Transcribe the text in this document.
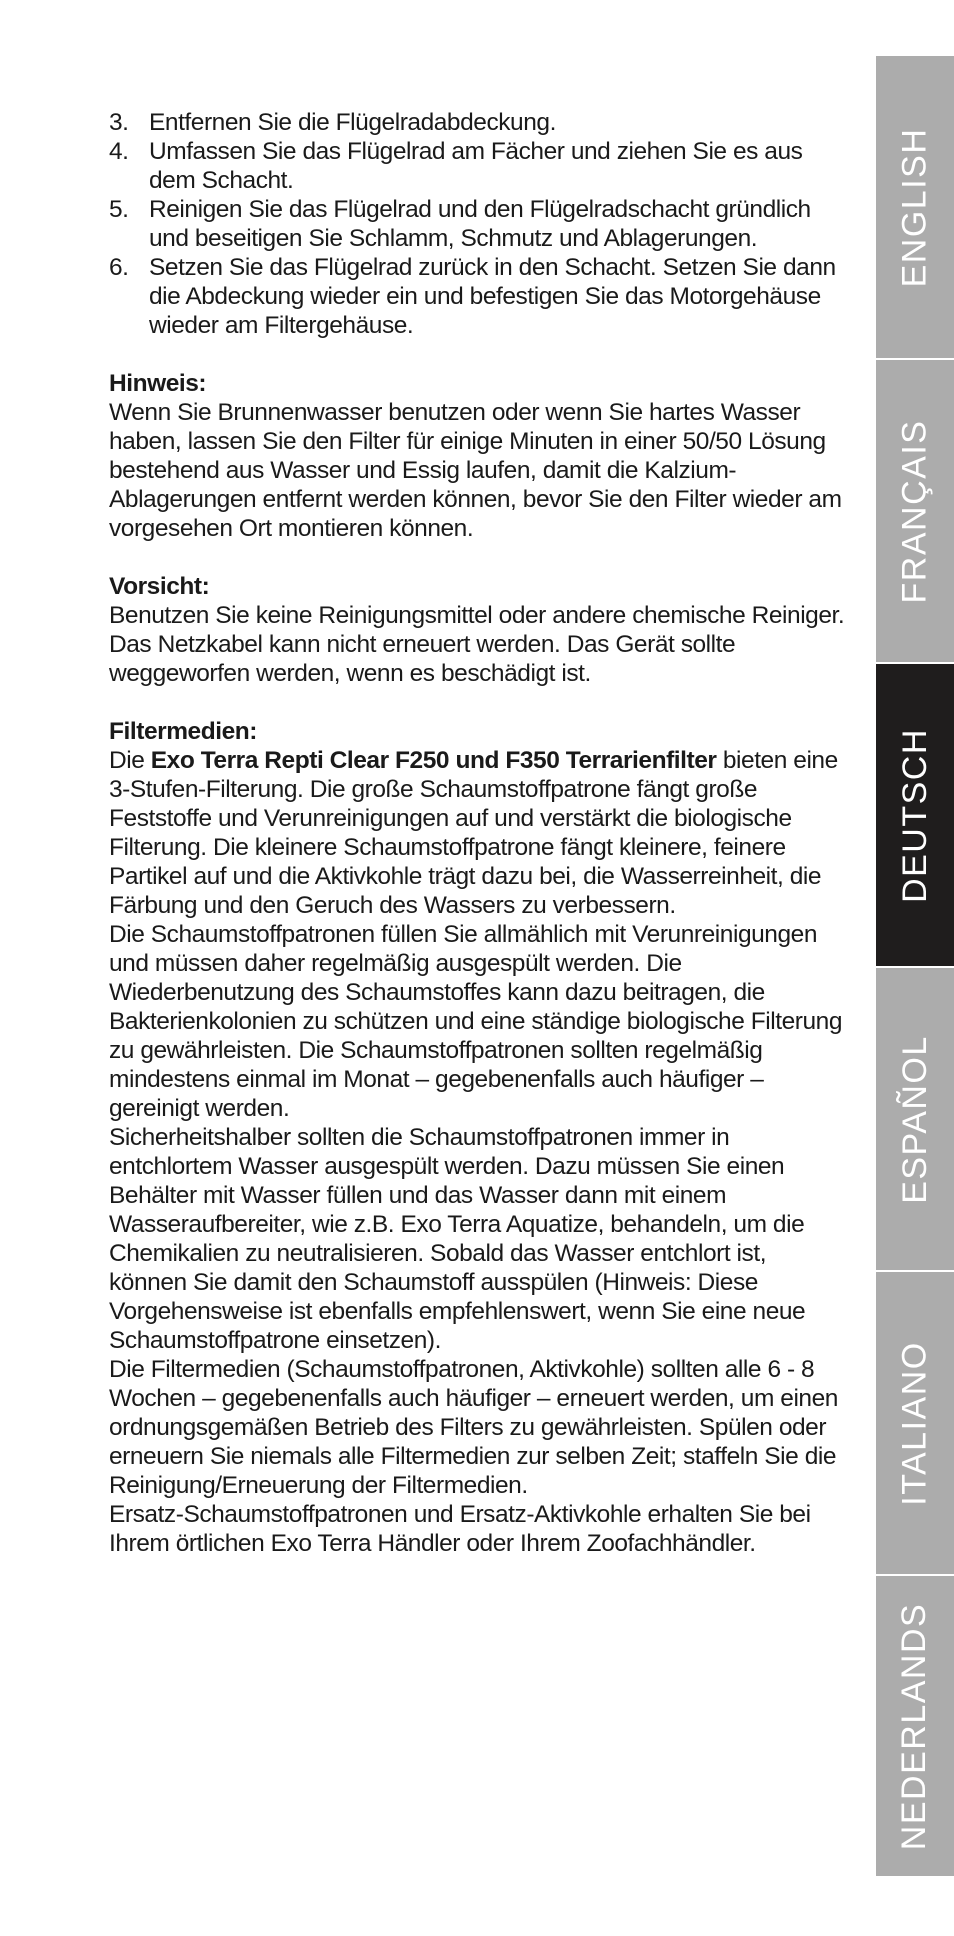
3. Entfernen Sie die Flügelradabdeckung.
4. Umfassen Sie das Flügelrad am Fächer und ziehen Sie es aus dem Schacht.
5. Reinigen Sie das Flügelrad und den Flügelradschacht gründlich und beseitigen Sie Schlamm, Schmutz und Ablagerungen.
6. Setzen Sie das Flügelrad zurück in den Schacht. Setzen Sie dann die Abdeckung wieder ein und befestigen Sie das Motorgehäuse wieder am Filtergehäuse.
Hinweis:

Wenn Sie Brunnenwasser benutzen oder wenn Sie hartes Wasser haben, lassen Sie den Filter für einige Minuten in einer 50/50 Lösung bestehend aus Wasser und Essig laufen, damit die Kalzium-Ablagerungen entfernt werden können, bevor Sie den Filter wieder am vorgesehen Ort montieren können.

Vorsicht:

Benutzen Sie keine Reinigungsmittel oder andere chemische Reiniger. Das Netzkabel kann nicht erneuert werden. Das Gerät sollte weggeworfen werden, wenn es beschädigt ist.

Filtermedien:

Die Exo Terra Repti Clear F250 und F350 Terrarienfilter bieten eine 3-Stufen-Filterung. Die große Schaumstoffpatrone fängt große Feststoffe und Verunreinigungen auf und verstärkt die biologische Filterung. Die kleinere Schaumstoffpatrone fängt kleinere, feinere Partikel auf und die Aktivkohle trägt dazu bei, die Wasserreinheit, die Färbung und den Geruch des Wassers zu verbessern.

Die Schaumstoffpatronen füllen Sie allmählich mit Verunreinigungen und müssen daher regelmäßig ausgespült werden. Die Wiederbenutzung des Schaumstoffes kann dazu beitragen, die Bakterienkolonien zu schützen und eine ständige biologische Filterung zu gewährleisten. Die Schaumstoffpatronen sollten regelmäßig mindestens einmal im Monat – gegebenenfalls auch häufiger – gereinigt werden.

Sicherheitshalber sollten die Schaumstoffpatronen immer in entchlortem Wasser ausgespült werden. Dazu müssen Sie einen Behälter mit Wasser füllen und das Wasser dann mit einem Wasseraufbereiter, wie z.B. Exo Terra Aquatize, behandeln, um die Chemikalien zu neutralisieren. Sobald das Wasser entchlort ist, können Sie damit den Schaumstoff ausspülen (Hinweis: Diese Vorgehensweise ist ebenfalls empfehlenswert, wenn Sie eine neue Schaumstoffpatrone einsetzen).

Die Filtermedien (Schaumstoffpatronen, Aktivkohle) sollten alle 6 - 8 Wochen – gegebenenfalls auch häufiger – erneuert werden, um einen ordnungsgemäßen Betrieb des Filters zu gewährleisten. Spülen oder erneuern Sie niemals alle Filtermedien zur selben Zeit; staffeln Sie die Reinigung/Erneuerung der Filtermedien.

Ersatz-Schaumstoffpatronen und Ersatz-Aktivkohle erhalten Sie bei Ihrem örtlichen Exo Terra Händler oder Ihrem Zoofachhändler.

ENGLISH
FRANÇAIS
DEUTSCH
ESPAÑOL
ITALIANO
NEDERLANDS
